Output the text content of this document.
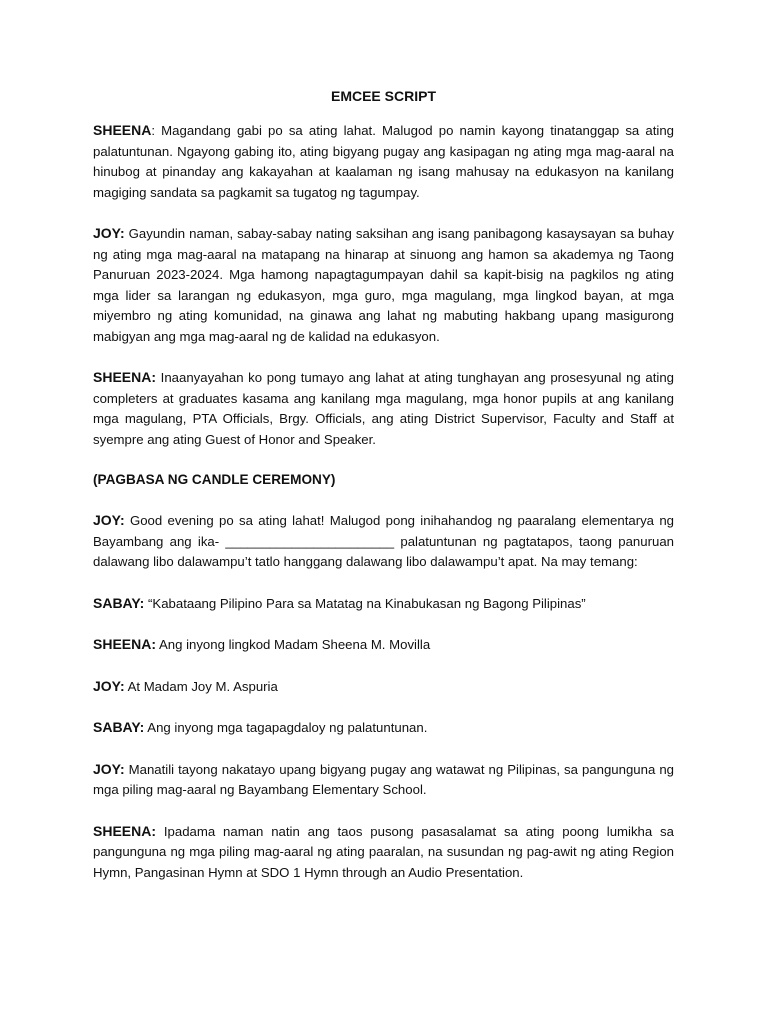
EMCEE SCRIPT

SHEENA: Magandang gabi po sa ating lahat. Malugod po namin kayong tinatanggap sa ating palatuntunan. Ngayong gabing ito, ating bigyang pugay ang kasipagan ng ating mga mag-aaral na hinubog at pinanday ang kakayahan at kaalaman ng isang mahusay na edukasyon na kanilang magiging sandata sa pagkamit sa tugatog ng tagumpay.

JOY: Gayundin naman, sabay-sabay nating saksihan ang isang panibagong kasaysayan sa buhay ng ating mga mag-aaral na matapang na hinarap at sinuong ang hamon sa akademya ng Taong Panuruan 2023-2024. Mga hamong napagtagumpayan dahil sa kapit-bisig na pagkilos ng ating mga lider sa larangan ng edukasyon, mga guro, mga magulang, mga lingkod bayan, at mga miyembro ng ating komunidad, na ginawa ang lahat ng mabuting hakbang upang masigurong mabigyan ang mga mag-aaral ng de kalidad na edukasyon.

SHEENA: Inaanyayahan ko pong tumayo ang lahat at ating tunghayan ang prosesyunal ng ating completers at graduates kasama ang kanilang mga magulang, mga honor pupils at ang kanilang mga magulang, PTA Officials, Brgy. Officials, ang ating District Supervisor, Faculty and Staff at syempre ang ating Guest of Honor and Speaker.

(PAGBASA NG CANDLE CEREMONY)

JOY: Good evening po sa ating lahat! Malugod pong inihahandog ng paaralang elementarya ng Bayambang ang ika- _______________________ palatuntunan ng pagtatapos, taong panuruan dalawang libo dalawampu’t tatlo hanggang dalawang libo dalawampu’t apat. Na may temang:

SABAY: “Kabataang Pilipino Para sa Matatag na Kinabukasan ng Bagong Pilipinas”

SHEENA: Ang inyong lingkod Madam Sheena M. Movilla

JOY: At Madam Joy M. Aspuria

SABAY: Ang inyong mga tagapagdaloy ng palatuntunan.

JOY: Manatili tayong nakatayo upang bigyang pugay ang watawat ng Pilipinas, sa pangunguna ng mga piling mag-aaral ng Bayambang Elementary School.

SHEENA: Ipadama naman natin ang taos pusong pasasalamat sa ating poong lumikha sa pangunguna ng mga piling mag-aaral ng ating paaralan, na susundan ng pag-awit ng ating Region Hymn, Pangasinan Hymn at SDO 1 Hymn through an Audio Presentation.
